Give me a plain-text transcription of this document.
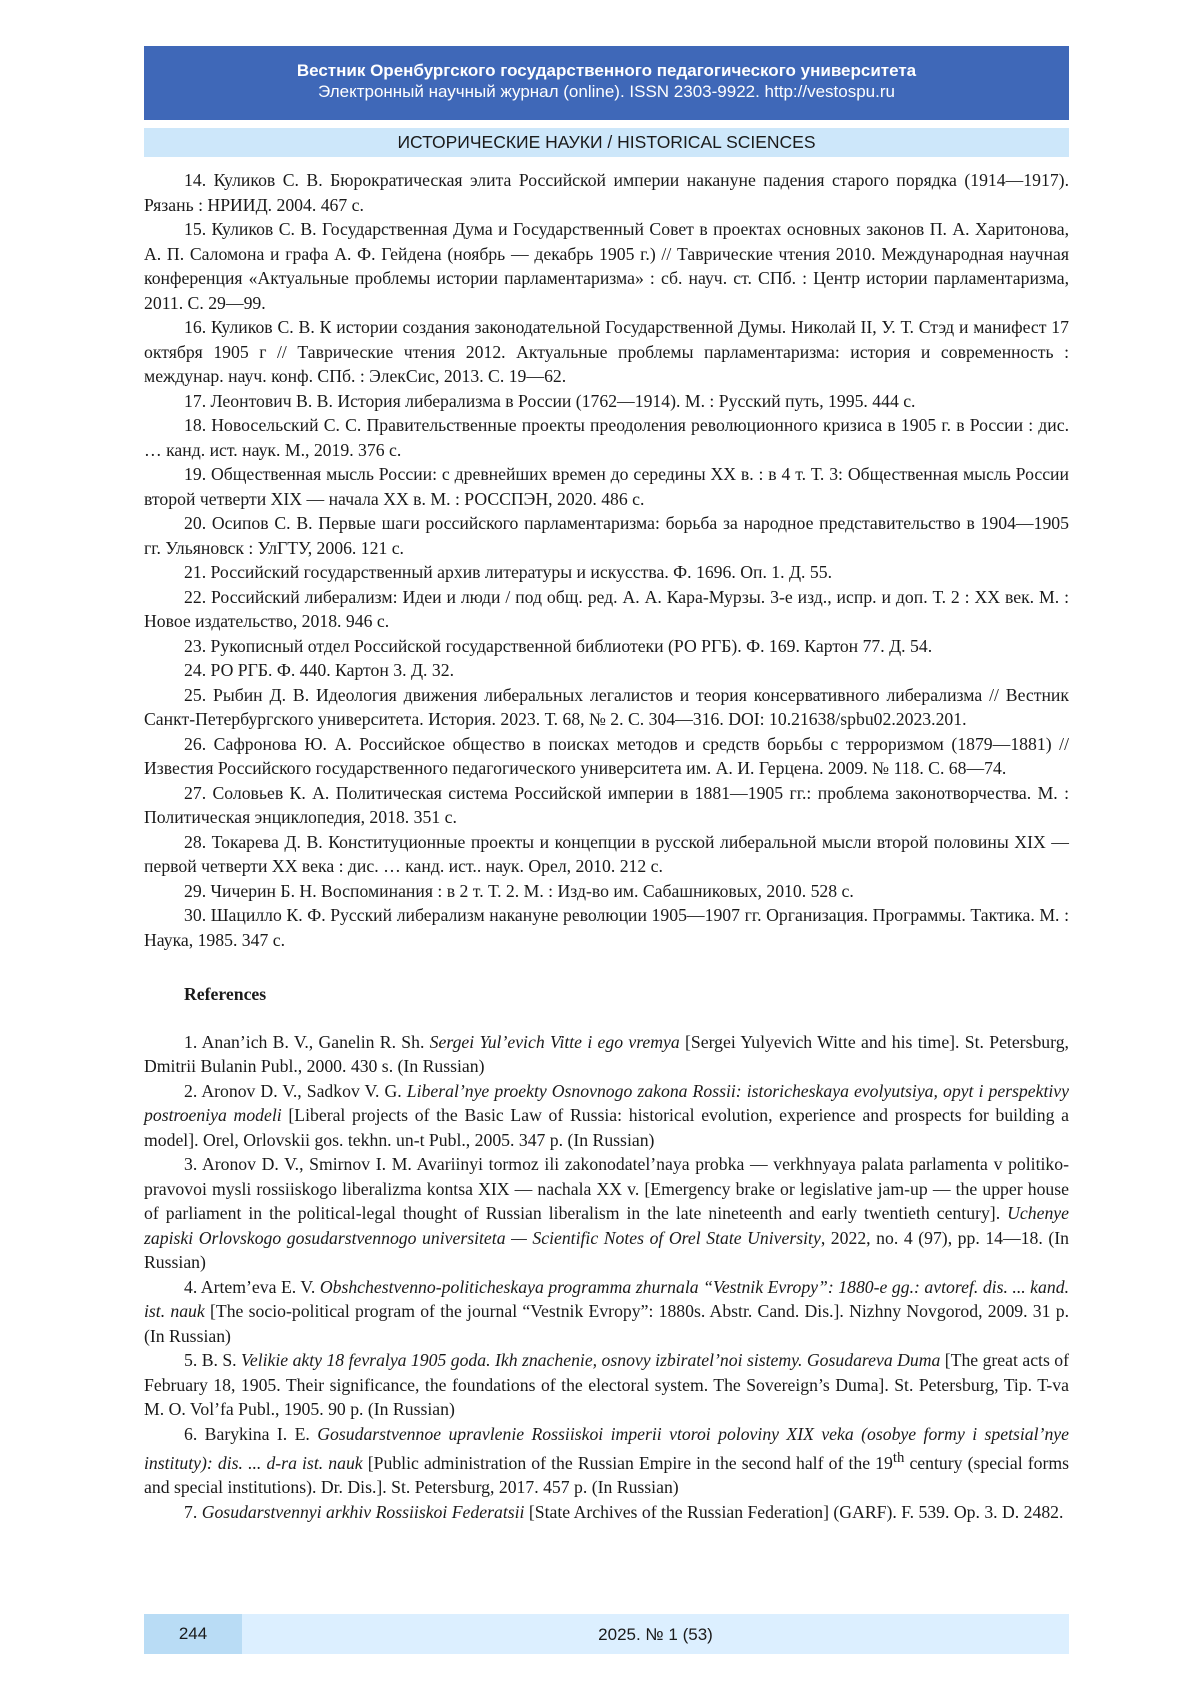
Вестник Оренбургского государственного педагогического университета
Электронный научный журнал (online). ISSN 2303-9922. http://vestospu.ru
ИСТОРИЧЕСКИЕ НАУКИ / HISTORICAL SCIENCES

14. Куликов С. В. Бюрократическая элита Российской империи накануне падения старого порядка (1914—1917). Рязань : НРИИД. 2004. 467 с.

15. Куликов С. В. Государственная Дума и Государственный Совет в проектах основных законов П. А. Харитонова, А. П. Саломона и графа А. Ф. Гейдена (ноябрь — декабрь 1905 г.) // Таврические чтения 2010. Международная научная конференция «Актуальные проблемы истории парламентаризма» : сб. науч. ст. СПб. : Центр истории парламентаризма, 2011. С. 29—99.

16. Куликов С. В. К истории создания законодательной Государственной Думы. Николай II, У. Т. Стэд и манифест 17 октября 1905 г // Таврические чтения 2012. Актуальные проблемы парламентаризма: история и современность : междунар. науч. конф. СПб. : ЭлекСис, 2013. С. 19—62.

17. Леонтович В. В. История либерализма в России (1762—1914). М. : Русский путь, 1995. 444 с.

18. Новосельский С. С. Правительственные проекты преодоления революционного кризиса в 1905 г. в России : дис. … канд. ист. наук. М., 2019. 376 с.

19. Общественная мысль России: с древнейших времен до середины XX в. : в 4 т. Т. 3: Общественная мысль России второй четверти XIX — начала XX в. М. : РОССПЭН, 2020. 486 с.

20. Осипов С. В. Первые шаги российского парламентаризма: борьба за народное представительство в 1904—1905 гг. Ульяновск : УлГТУ, 2006. 121 с.

21. Российский государственный архив литературы и искусства. Ф. 1696. Оп. 1. Д. 55.

22. Российский либерализм: Идеи и люди / под общ. ред. А. А. Кара-Мурзы. 3-е изд., испр. и доп. Т. 2 : XX век. М. : Новое издательство, 2018. 946 с.

23. Рукописный отдел Российской государственной библиотеки (РО РГБ). Ф. 169. Картон 77. Д. 54.

24. РО РГБ. Ф. 440. Картон 3. Д. 32.

25. Рыбин Д. В. Идеология движения либеральных легалистов и теория консервативного либерализма // Вестник Санкт-Петербургского университета. История. 2023. Т. 68, № 2. С. 304—316. DOI: 10.21638/spbu02.2023.201.

26. Сафронова Ю. А. Российское общество в поисках методов и средств борьбы с терроризмом (1879—1881) // Известия Российского государственного педагогического университета им. А. И. Герцена. 2009. № 118. С. 68—74.

27. Соловьев К. А. Политическая система Российской империи в 1881—1905 гг.: проблема законотворчества. М. : Политическая энциклопедия, 2018. 351 с.

28. Токарева Д. В. Конституционные проекты и концепции в русской либеральной мысли второй половины XIX — первой четверти XX века : дис. … канд. ист.. наук. Орел, 2010. 212 с.

29. Чичерин Б. Н. Воспоминания : в 2 т. Т. 2. М. : Изд-во им. Сабашниковых, 2010. 528 с.

30. Шацилло К. Ф. Русский либерализм накануне революции 1905—1907 гг. Организация. Программы. Тактика. М. : Наука, 1985. 347 с.

References

1. Anan’ich B. V., Ganelin R. Sh. Sergei Yul’evich Vitte i ego vremya [Sergei Yulyevich Witte and his time]. St. Petersburg, Dmitrii Bulanin Publ., 2000. 430 s. (In Russian)

2. Aronov D. V., Sadkov V. G. Liberal’nye proekty Osnovnogo zakona Rossii: istoricheskaya evolyutsiya, opyt i perspektivy postroeniya modeli [Liberal projects of the Basic Law of Russia: historical evolution, experience and prospects for building a model]. Orel, Orlovskii gos. tekhn. un-t Publ., 2005. 347 p. (In Russian)

3. Aronov D. V., Smirnov I. M. Avariinyi tormoz ili zakonodatel’naya probka — verkhnyaya palata parlamenta v politiko-pravovoi mysli rossiiskogo liberalizma kontsa XIX — nachala XX v. [Emergency brake or legislative jam-up — the upper house of parliament in the political-legal thought of Russian liberalism in the late nineteenth and early twentieth century]. Uchenye zapiski Orlovskogo gosudarstvennogo universiteta — Scientific Notes of Orel State University, 2022, no. 4 (97), pp. 14—18. (In Russian)

4. Artem’eva E. V. Obshchestvenno-politicheskaya programma zhurnala “Vestnik Evropy”: 1880-e gg.: avtoref. dis. ... kand. ist. nauk [The socio-political program of the journal “Vestnik Evropy”: 1880s. Abstr. Cand. Dis.]. Nizhny Novgorod, 2009. 31 p. (In Russian)

5. B. S. Velikie akty 18 fevralya 1905 goda. Ikh znachenie, osnovy izbiratel’noi sistemy. Gosudareva Duma [The great acts of February 18, 1905. Their significance, the foundations of the electoral system. The Sovereign’s Duma]. St. Petersburg, Tip. T-va M. O. Vol’fa Publ., 1905. 90 p. (In Russian)

6. Barykina I. E. Gosudarstvennoe upravlenie Rossiiskoi imperii vtoroi poloviny XIX veka (osobye formy i spetsial’nye instituty): dis. ... d-ra ist. nauk [Public administration of the Russian Empire in the second half of the 19th century (special forms and special institutions). Dr. Dis.]. St. Petersburg, 2017. 457 p. (In Russian)

7. Gosudarstvennyi arkhiv Rossiiskoi Federatsii [State Archives of the Russian Federation] (GARF). F. 539. Op. 3. D. 2482.

244	2025. № 1 (53)
